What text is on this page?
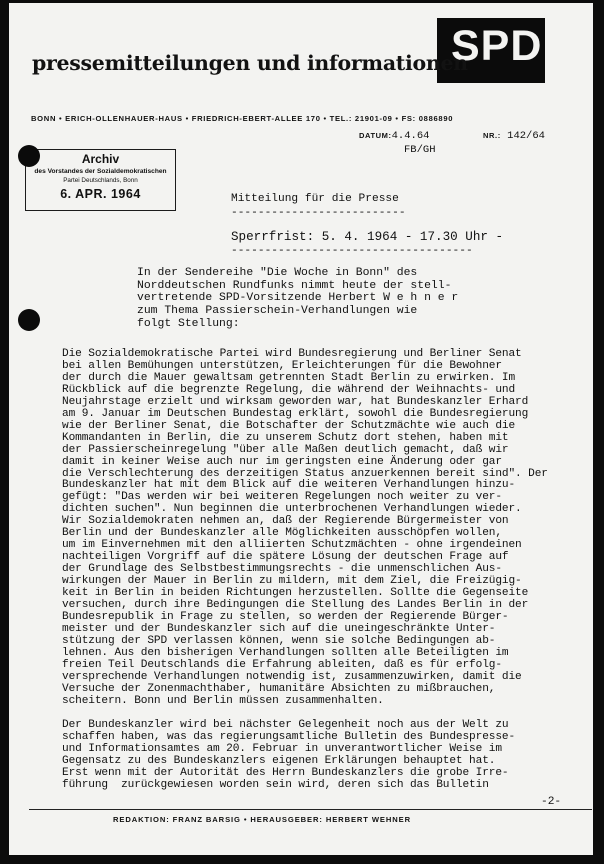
SPD
pressemitteilungen und informationen
BONN • ERICH-OLLENHAUER-HAUS • FRIEDRICH-EBERT-ALLEE 170 • TEL.: 21901-09 • FS: 0886890
DATUM:4.4.64	NR.: 142/64
FB/GH
Archiv
des Vorstandes der Sozialdemokratischen
Partei Deutschlands, Bonn
6. APR. 1964	Mitteilung für die Presse
--------------------------
Sperrfrist: 5. 4. 1964 - 17.30 Uhr -
------------------------------------
In der Sendereihe "Die Woche in Bonn" des
Norddeutschen Rundfunks nimmt heute der stell-
vertretende SPD-Vorsitzende Herbert W e h n e r
zum Thema Passierschein-Verhandlungen wie
folgt Stellung:
Die Sozialdemokratische Partei wird Bundesregierung und Berliner Senat
bei allen Bemühungen unterstützen, Erleichterungen für die Bewohner
der durch die Mauer gewaltsam getrennten Stadt Berlin zu erwirken. Im
Rückblick auf die begrenzte Regelung, die während der Weihnachts- und
Neujahrstage erzielt und wirksam geworden war, hat Bundeskanzler Erhard
am 9. Januar im Deutschen Bundestag erklärt, sowohl die Bundesregierung
wie der Berliner Senat, die Botschafter der Schutzmächte wie auch die
Kommandanten in Berlin, die zu unserem Schutz dort stehen, haben mit
der Passierscheinregelung "über alle Maßen deutlich gemacht, daß wir
damit in keiner Weise auch nur im geringsten eine Änderung oder gar
die Verschlechterung des derzeitigen Status anzuerkennen bereit sind". Der
Bundeskanzler hat mit dem Blick auf die weiteren Verhandlungen hinzu-
gefügt: "Das werden wir bei weiteren Regelungen noch weiter zu ver-
dichten suchen". Nun beginnen die unterbrochenen Verhandlungen wieder.
Wir Sozialdemokraten nehmen an, daß der Regierende Bürgermeister von
Berlin und der Bundeskanzler alle Möglichkeiten ausschöpfen wollen,
um im Einvernehmen mit den alliierten Schutzmächten - ohne irgendeinen
nachteiligen Vorgriff auf die spätere Lösung der deutschen Frage auf
der Grundlage des Selbstbestimmungsrechts - die unmenschlichen Aus-
wirkungen der Mauer in Berlin zu mildern, mit dem Ziel, die Freizügig-
keit in Berlin in beiden Richtungen herzustellen. Sollte die Gegenseite
versuchen, durch ihre Bedingungen die Stellung des Landes Berlin in der
Bundesrepublik in Frage zu stellen, so werden der Regierende Bürger-
meister und der Bundeskanzler sich auf die uneingeschränkte Unter-
stützung der SPD verlassen können, wenn sie solche Bedingungen ab-
lehnen. Aus den bisherigen Verhandlungen sollten alle Beteiligten im
freien Teil Deutschlands die Erfahrung ableiten, daß es für erfolg-
versprechende Verhandlungen notwendig ist, zusammenzuwirken, damit die
Versuche der Zonenmachthaber, humanitäre Absichten zu mißbrauchen,
scheitern. Bonn und Berlin müssen zusammenhalten.
Der Bundeskanzler wird bei nächster Gelegenheit noch aus der Welt zu
schaffen haben, was das regierungsamtliche Bulletin des Bundespresse-
und Informationsamtes am 20. Februar in unverantwortlicher Weise im
Gegensatz zu des Bundeskanzlers eigenen Erklärungen behauptet hat.
Erst wenn mit der Autorität des Herrn Bundeskanzlers die grobe Irre-
führung  zurückgewiesen worden sein wird, deren sich das Bulletin
-2-
REDAKTION: FRANZ BARSIG • HERAUSGEBER: HERBERT WEHNER
